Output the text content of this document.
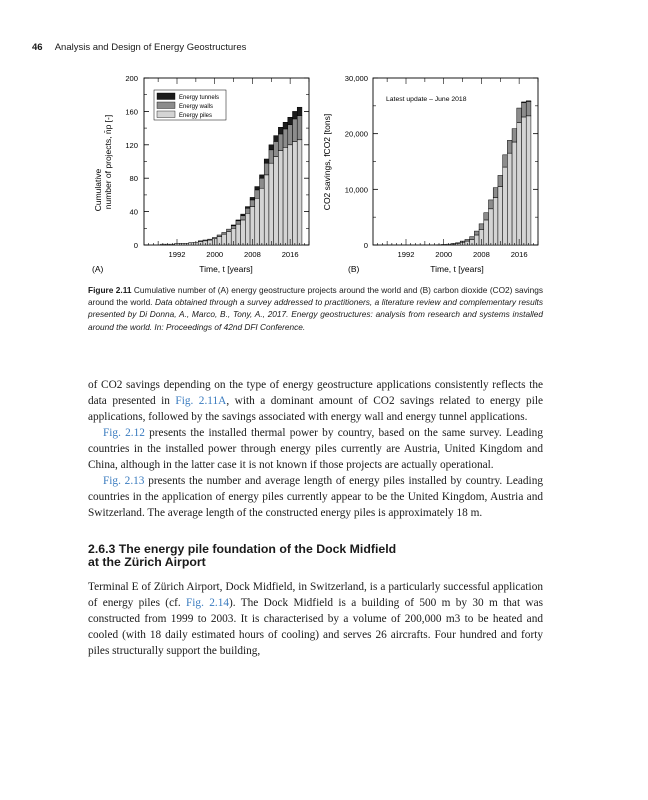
46 Analysis and Design of Energy Geostructures
0
40
80
120
160
200
1992	2000	2008	2016
Cumulative number of projects, n̄p [-]
Time, t [years]
(A)
Energy tunnels
Energy walls
Energy piles
0
10,000
20,000
30,000
1992	2000	2008	2016
CO2 savings, fCO2 [tons]
Time, t [years]
(B)
Latest update – June 2018
Figure 2.11 Cumulative number of (A) energy geostructure projects around the world and (B) carbon dioxide (CO2) savings around the world. Data obtained through a survey addressed to practitioners, a literature review and complementary results presented by Di Donna, A., Marco, B., Tony, A., 2017. Energy geostructures: analysis from research and systems installed around the world. In: Proceedings of 42nd DFI Conference.

of CO2 savings depending on the type of energy geostructure applications consistently reflects the data presented in Fig. 2.11A, with a dominant amount of CO2 savings related to energy pile applications, followed by the savings associated with energy wall and energy tunnel applications.

Fig. 2.12 presents the installed thermal power by country, based on the same survey. Leading countries in the installed power through energy piles currently are Austria, United Kingdom and China, although in the latter case it is not known if those projects are actually operational.

Fig. 2.13 presents the number and average length of energy piles installed by country. Leading countries in the application of energy piles currently appear to be the United Kingdom, Austria and Switzerland. The average length of the constructed energy piles is approximately 18 m.

2.6.3 The energy pile foundation of the Dock Midfield
at the Zürich Airport

Terminal E of Zürich Airport, Dock Midfield, in Switzerland, is a particularly successful application of energy piles (cf. Fig. 2.14). The Dock Midfield is a building of 500 m by 30 m that was constructed from 1999 to 2003. It is characterised by a volume of 200,000 m3 to be heated and cooled (with 18 daily estimated hours of cooling) and serves 26 aircrafts. Four hundred and forty piles structurally support the building,
